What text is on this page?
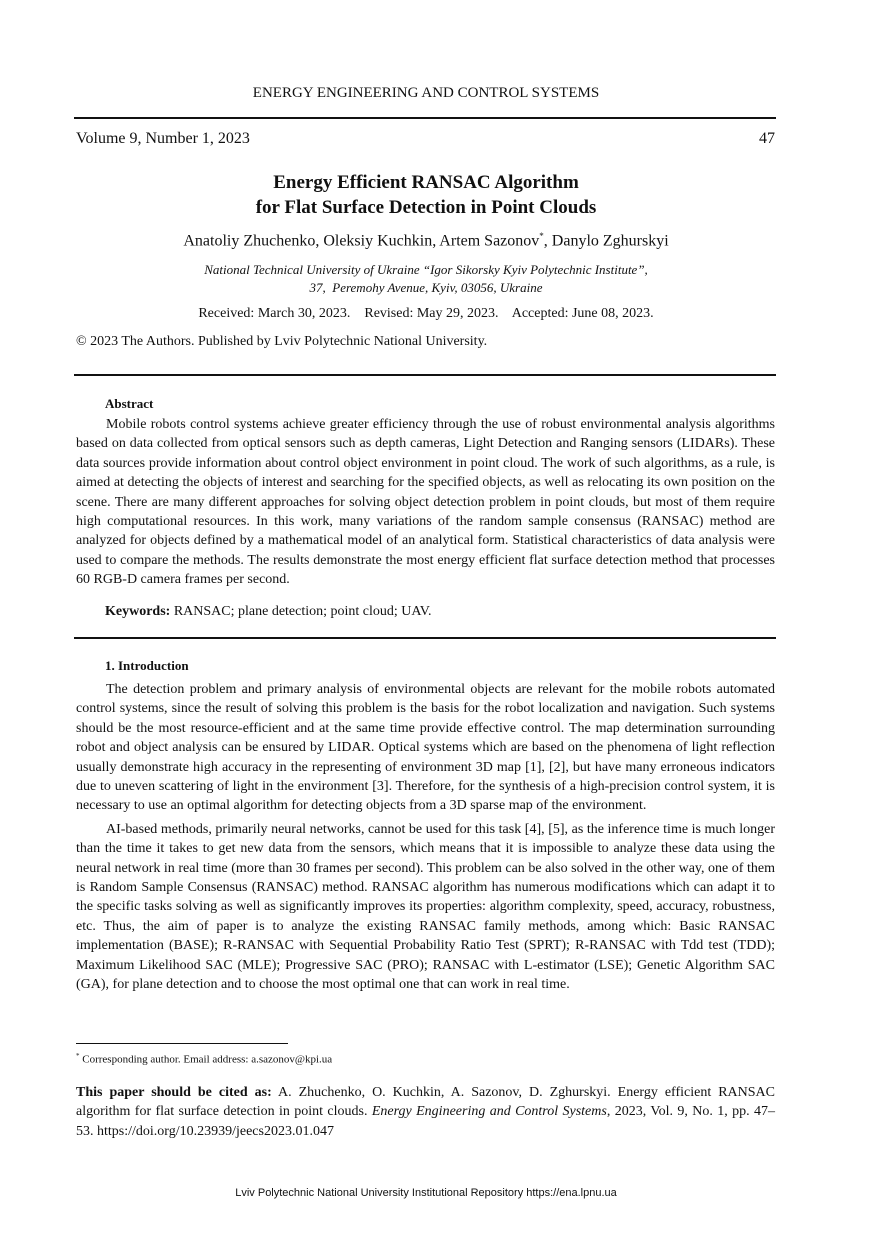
ENERGY ENGINEERING AND CONTROL SYSTEMS
Volume 9, Number 1, 2023	47
Energy Efficient RANSAC Algorithm
for Flat Surface Detection in Point Clouds
Anatoliy Zhuchenko, Oleksiy Kuchkin, Artem Sazonov*, Danylo Zghurskyi
National Technical University of Ukraine “Igor Sikorsky Kyiv Polytechnic Institute”,
37,  Peremohy Avenue, Kyiv, 03056, Ukraine
Received: March 30, 2023.    Revised: May 29, 2023.    Accepted: June 08, 2023.
© 2023 The Authors. Published by Lviv Polytechnic National University.
Abstract

Mobile robots control systems achieve greater efficiency through the use of robust environmental analysis algorithms based on data collected from optical sensors such as depth cameras, Light Detection and Ranging sensors (LIDARs). These data sources provide information about control object environment in point cloud. The work of such algorithms, as a rule, is aimed at detecting the objects of interest and searching for the specified objects, as well as relocating its own position on the scene. There are many different approaches for solving object detection problem in point clouds, but most of them require high computational resources. In this work, many variations of the random sample consensus (RANSAC) method are analyzed for objects defined by a mathematical model of an analytical form. Statistical characteristics of data analysis were used to compare the methods. The results demonstrate the most energy efficient flat surface detection method that processes 60 RGB-D camera frames per second.

Keywords: RANSAC; plane detection; point cloud; UAV.
1. Introduction

The detection problem and primary analysis of environmental objects are relevant for the mobile robots automated control systems, since the result of solving this problem is the basis for the robot localization and navigation. Such systems should be the most resource-efficient and at the same time provide effective control. The map determination surrounding robot and object analysis can be ensured by LIDAR. Optical systems which are based on the phenomena of light reflection usually demonstrate high accuracy in the representing of environment 3D map [1], [2], but have many erroneous indicators due to uneven scattering of light in the environment [3]. Therefore, for the synthesis of a high-precision control system, it is necessary to use an optimal algorithm for detecting objects from a 3D sparse map of the environment.

AI-based methods, primarily neural networks, cannot be used for this task [4], [5], as the inference time is much longer than the time it takes to get new data from the sensors, which means that it is impossible to analyze these data using the neural network in real time (more than 30 frames per second). This problem can be also solved in the other way, one of them is Random Sample Consensus (RANSAC) method. RANSAC algorithm has numerous modifications which can adapt it to the specific tasks solving as well as significantly improves its properties: algorithm complexity, speed, accuracy, robustness, etc. Thus, the aim of paper is to analyze the existing RANSAC family methods, among which: Basic RANSAC implementation (BASE); R-RANSAC with Sequential Probability Ratio Test (SPRT); R-RANSAC with Tdd test (TDD); Maximum Likelihood SAC (MLE); Progressive SAC (PRO); RANSAC with L-estimator (LSE); Genetic Algorithm SAC (GA), for plane detection and to choose the most optimal one that can work in real time.

* Corresponding author. Email address: a.sazonov@kpi.ua
This paper should be cited as: A. Zhuchenko, O. Kuchkin, A. Sazonov, D. Zghurskyi. Energy efficient RANSAC algorithm for flat surface detection in point clouds. Energy Engineering and Control Systems, 2023, Vol. 9, No. 1, pp. 47–53. https://doi.org/10.23939/jeecs2023.01.047
Lviv Polytechnic National University Institutional Repository https://ena.lpnu.ua
